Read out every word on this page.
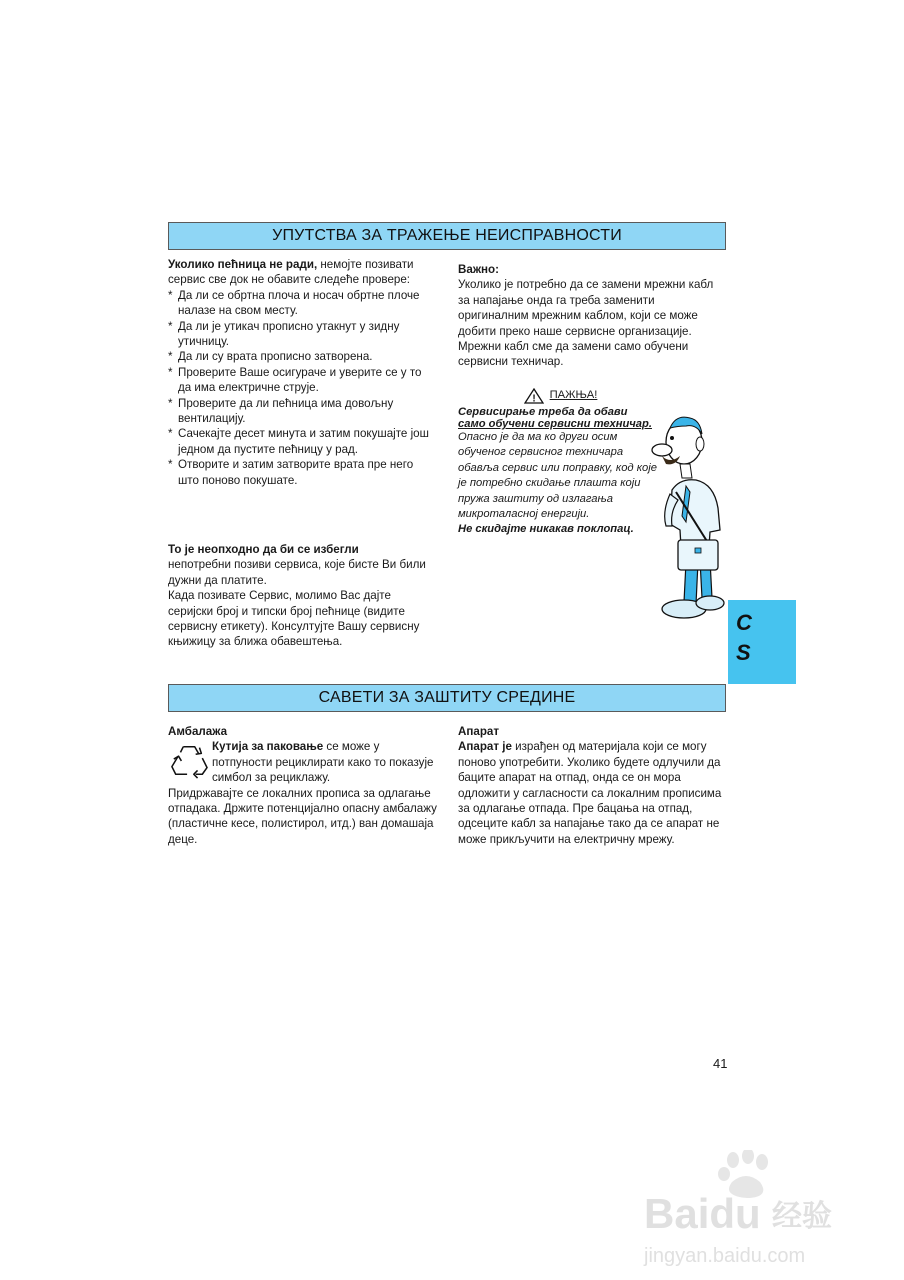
УПУТСТВА ЗА ТРАЖЕЊЕ НЕИСПРАВНОСТИ

Уколико пећница не ради, немојте позивати сервис све док не обавите следеће провере:

* Да ли се обртна плоча и носач обртне плоче налазе на свом месту.
* Да ли је утикач прописно утакнут у зидну утичницу.
* Да ли су врата прописно затворена.
* Проверите Ваше осигураче и уверите се у то да има електричне струје.
* Проверите да ли пећница има довољну вентилацију.
* Сачекајте десет минута и затим покушајте још једном да пустите пећницу у рад.
* Отворите и затим затворите врата пре него што поново покушате.

То је неопходно да би се избегли

непотребни позиви сервиса, које бисте Ви били дужни да платите.

Када позивате Сервис, молимо Вас дајте серијски број и типски број пећнице (видите сервисну етикету). Консултујте Вашу сервисну књижицу за ближа обавештења.

Важно:

Уколико је потребно да се замени мрежни кабл за напајање онда га треба заменити оригиналним мрежним каблом, који се може добити преко наше сервисне организације.

Мрежни кабл сме да замени само обучени сервисни техничар.

! ПАЖЊА!

Сервисирање треба да обави

само обучени сервисни техничар.

Опасно је да ма ко други осим обученог сервисног техничара обавља сервис или поправку, код које је потребно скидање плашта који пружа заштиту од излагања микроталасној енергији.

Не скидајте никакав поклопац.

C
S
САВЕТИ ЗА ЗАШТИТУ СРЕДИНЕ

Амбалажа

Кутија за паковање се може у потпуности рециклирати како то показује симбол за рециклажу.

Придржавајте се локалних прописа за одлагање отпадака. Држите потенцијално опасну амбалажу (пластичне кесе, полистирол, итд.) ван домашаја деце.

Апарат

Апарат је израђен од материјала који се могу поново употребити. Уколико будете одлучили да баците апарат на отпад, онда се он мора одложити у сагласности са локалним прописима за одлагање отпада. Пре бацања на отпад, одсеците кабл за напајање тако да се апарат не може прикључити на електричну мрежу.

41
Baidu 经验
jingyan.baidu.com
